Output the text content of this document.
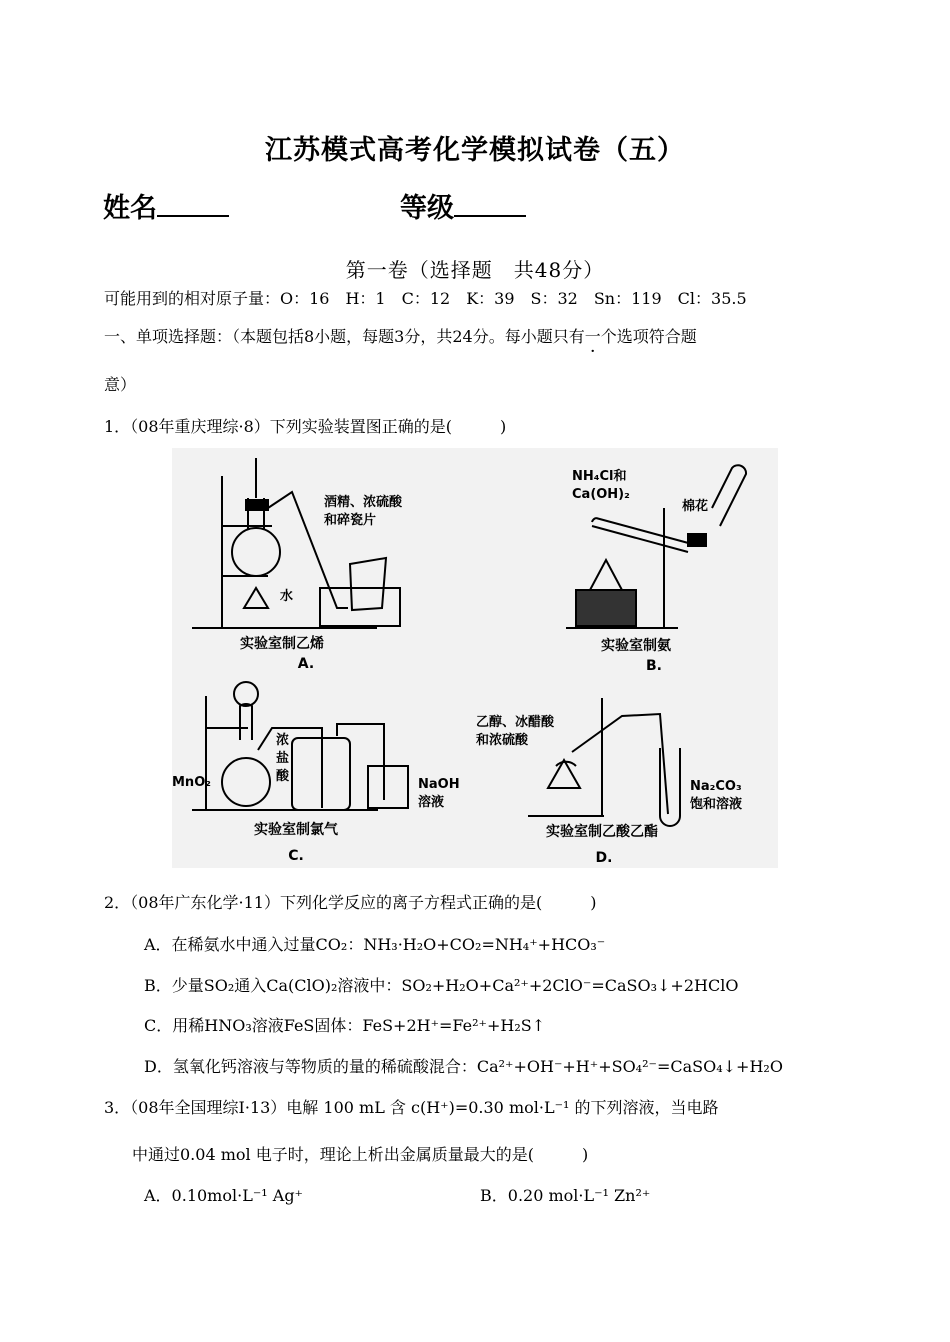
江苏模式高考化学模拟试卷（五）
姓名	等级
第一卷（选择题　共48分）
可能用到的相对原子量：O：16　H：1　C：12　K：39　S：32　Sn：119　Cl：35.5
一、单项选择题：（本题包括8小题，每题3分，共24分。每小题只有一个选项符合题
意）
1．（08年重庆理综·8）下列实验装置图正确的是(　　　)
酒精、浓硫酸
和碎瓷片
水
实验室制乙烯
A.
NH₄Cl和
Ca(OH)₂
棉花
实验室制氨
B.
MnO₂
浓
盐
酸
NaOH
溶液
实验室制氯气
C.
乙醇、冰醋酸
和浓硫酸
Na₂CO₃
饱和溶液
实验室制乙酸乙酯
D.
2．（08年广东化学·11）下列化学反应的离子方程式正确的是(　　　)
A．在稀氨水中通入过量CO₂：NH₃·H₂O+CO₂=NH₄⁺+HCO₃⁻
B．少量SO₂通入Ca(ClO)₂溶液中：SO₂+H₂O+Ca²⁺+2ClO⁻=CaSO₃↓+2HClO
C．用稀HNO₃溶液FeS固体：FeS+2H⁺=Fe²⁺+H₂S↑
D．氢氧化钙溶液与等物质的量的稀硫酸混合：Ca²⁺+OH⁻+H⁺+SO₄²⁻=CaSO₄↓+H₂O
3．（08年全国理综Ⅰ·13）电解 100 mL 含 c(H⁺)=0.30 mol·L⁻¹ 的下列溶液，当电路
中通过0.04 mol 电子时，理论上析出金属质量最大的是(　　　)
A．0.10mol·L⁻¹ Ag⁺	B．0.20 mol·L⁻¹ Zn²⁺
